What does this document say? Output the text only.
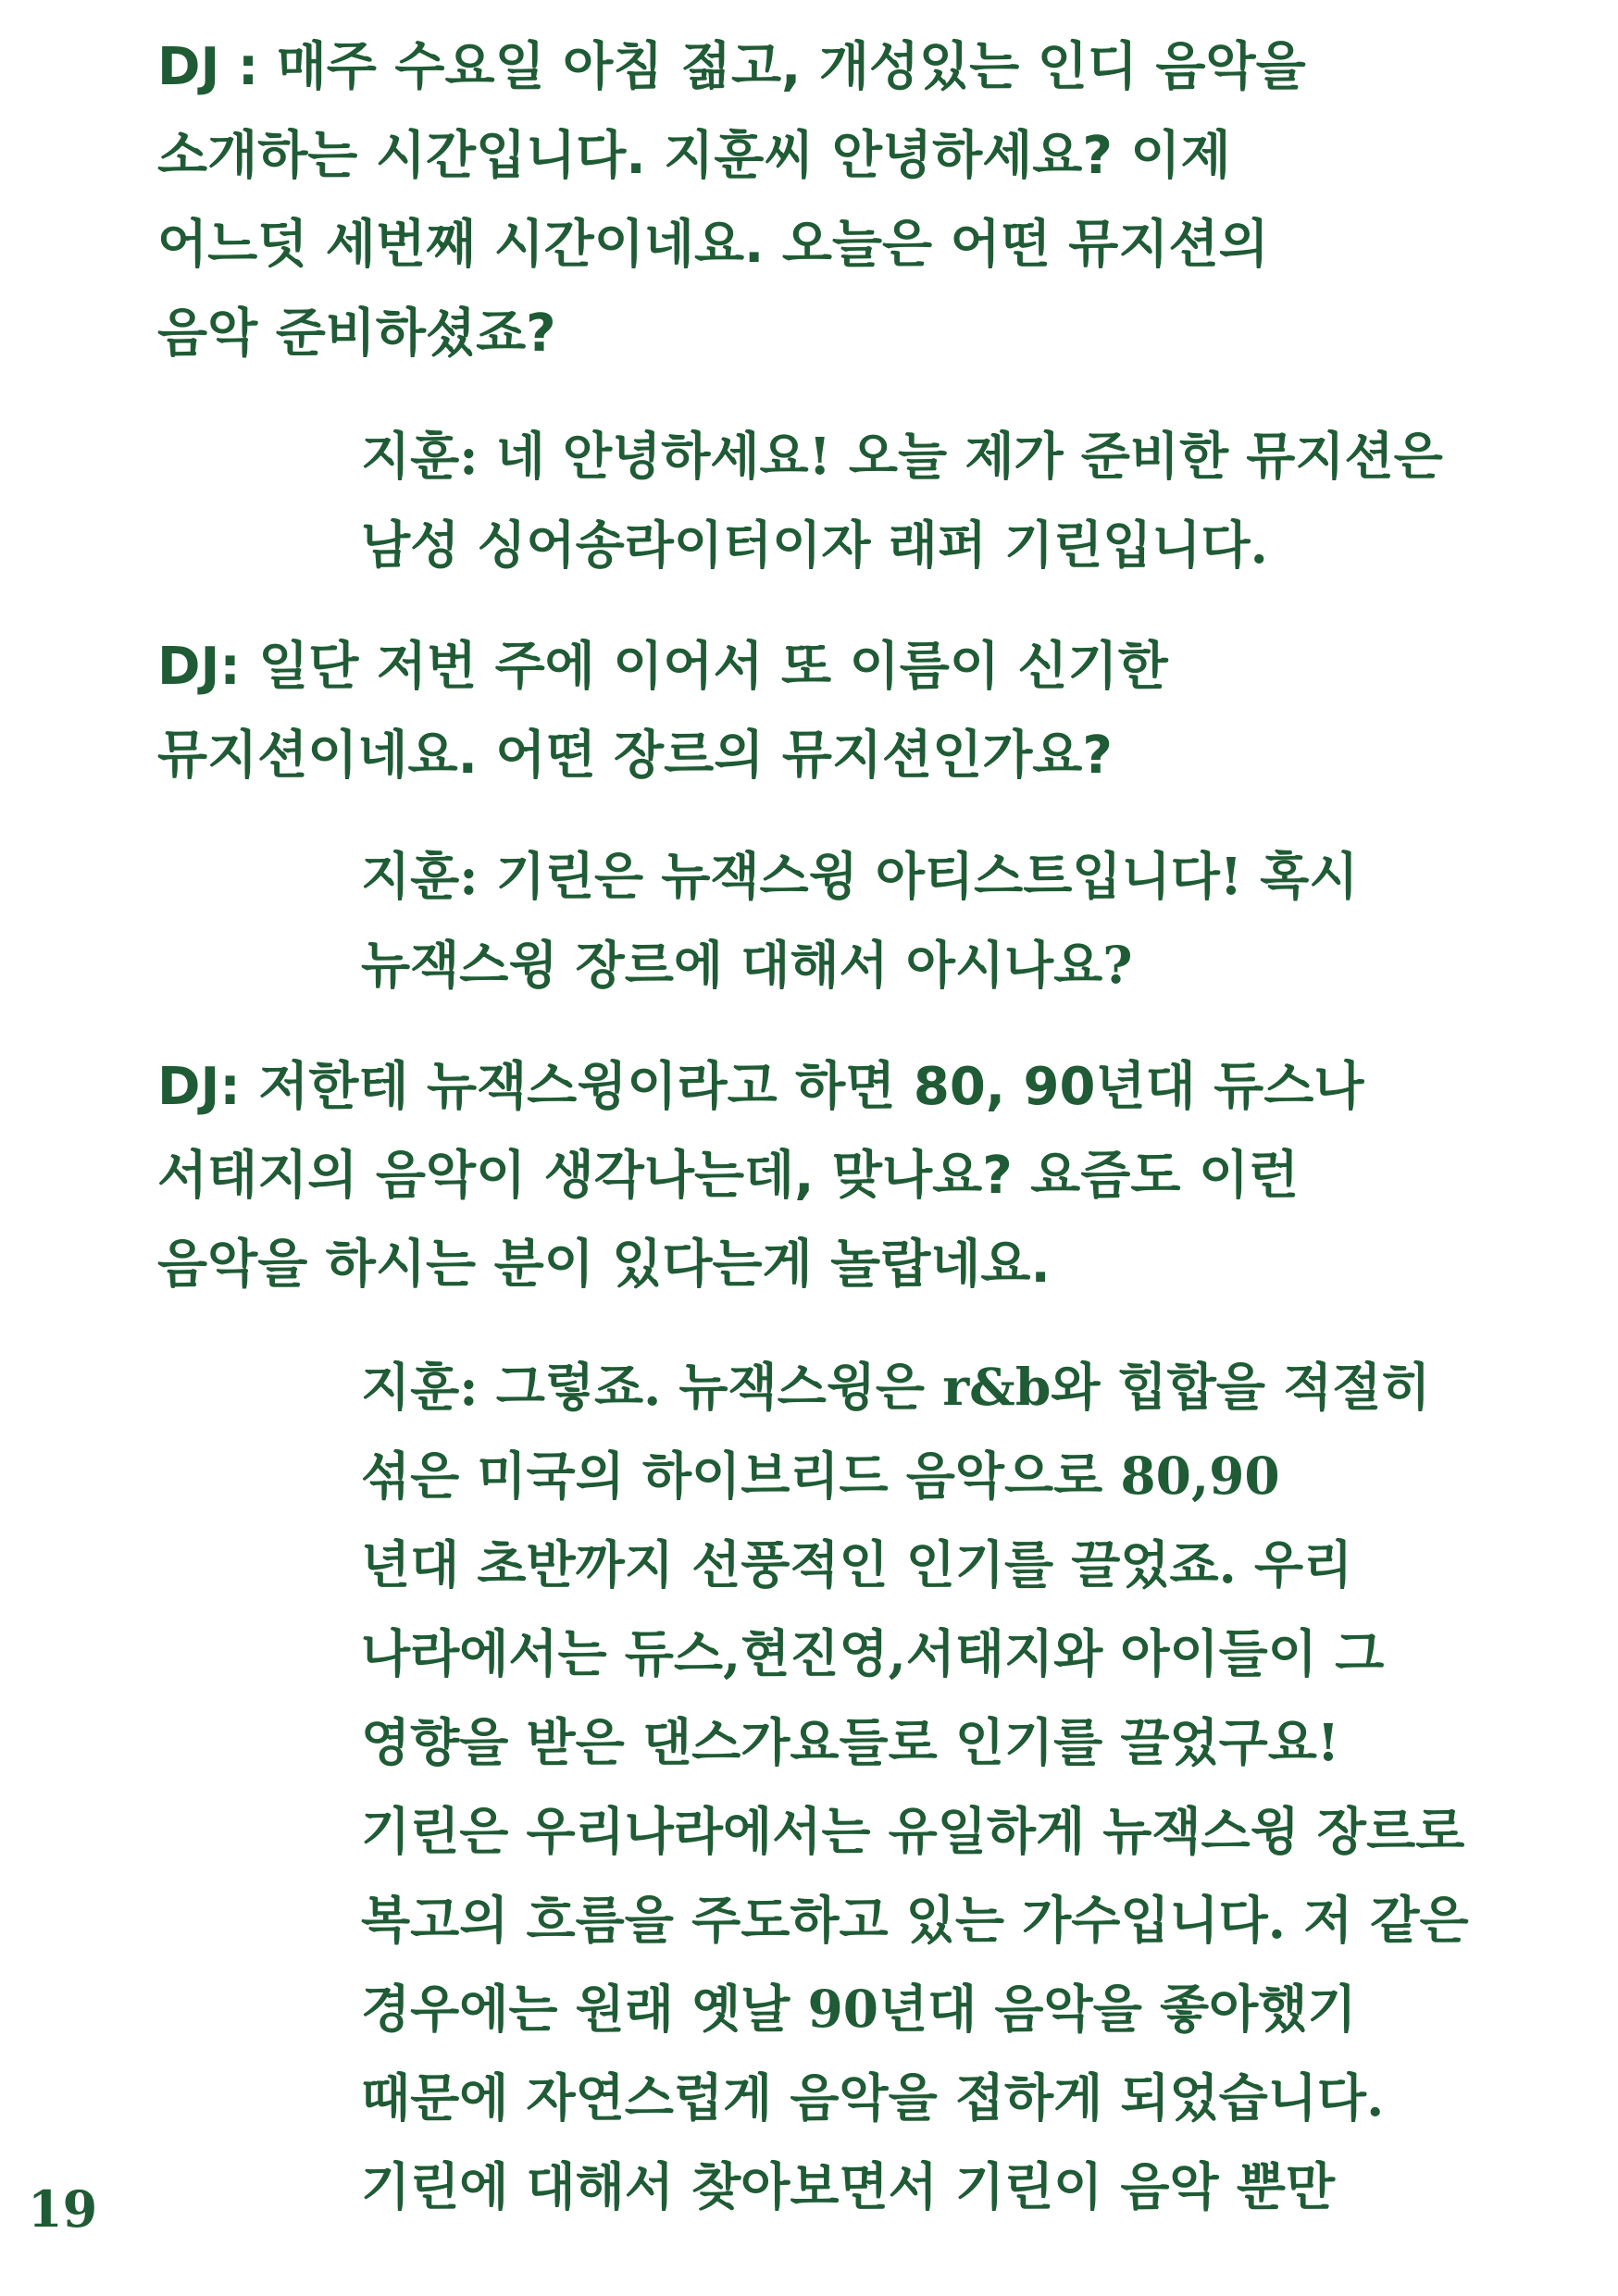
DJ : 매주 수요일 아침 젊고, 개성있는 인디 음악을
소개하는 시간입니다. 지훈씨 안녕하세요? 이제
어느덧 세번째 시간이네요. 오늘은 어떤 뮤지션의
음악 준비하셨죠?
지훈: 네 안녕하세요! 오늘 제가 준비한 뮤지션은
남성 싱어송라이터이자 래퍼 기린입니다.
DJ: 일단 저번 주에 이어서 또 이름이 신기한
뮤지션이네요. 어떤 장르의 뮤지션인가요?
지훈: 기린은 뉴잭스윙 아티스트입니다! 혹시
뉴잭스윙 장르에 대해서 아시나요?
DJ: 저한테 뉴잭스윙이라고 하면 80, 90년대 듀스나
서태지의 음악이 생각나는데, 맞나요? 요즘도 이런
음악을 하시는 분이 있다는게 놀랍네요.
지훈: 그렇죠. 뉴잭스윙은 r&b와 힙합을 적절히
섞은 미국의 하이브리드 음악으로 80,90
년대 초반까지 선풍적인 인기를 끌었죠. 우리
나라에서는 듀스,현진영,서태지와 아이들이 그
영향을 받은 댄스가요들로 인기를 끌었구요!
기린은 우리나라에서는 유일하게 뉴잭스윙 장르로
복고의 흐름을 주도하고 있는 가수입니다. 저 같은
경우에는 원래 옛날 90년대 음악을 좋아했기
때문에 자연스럽게 음악을 접하게 되었습니다.
기린에 대해서 찾아보면서 기린이 음악 뿐만
19
